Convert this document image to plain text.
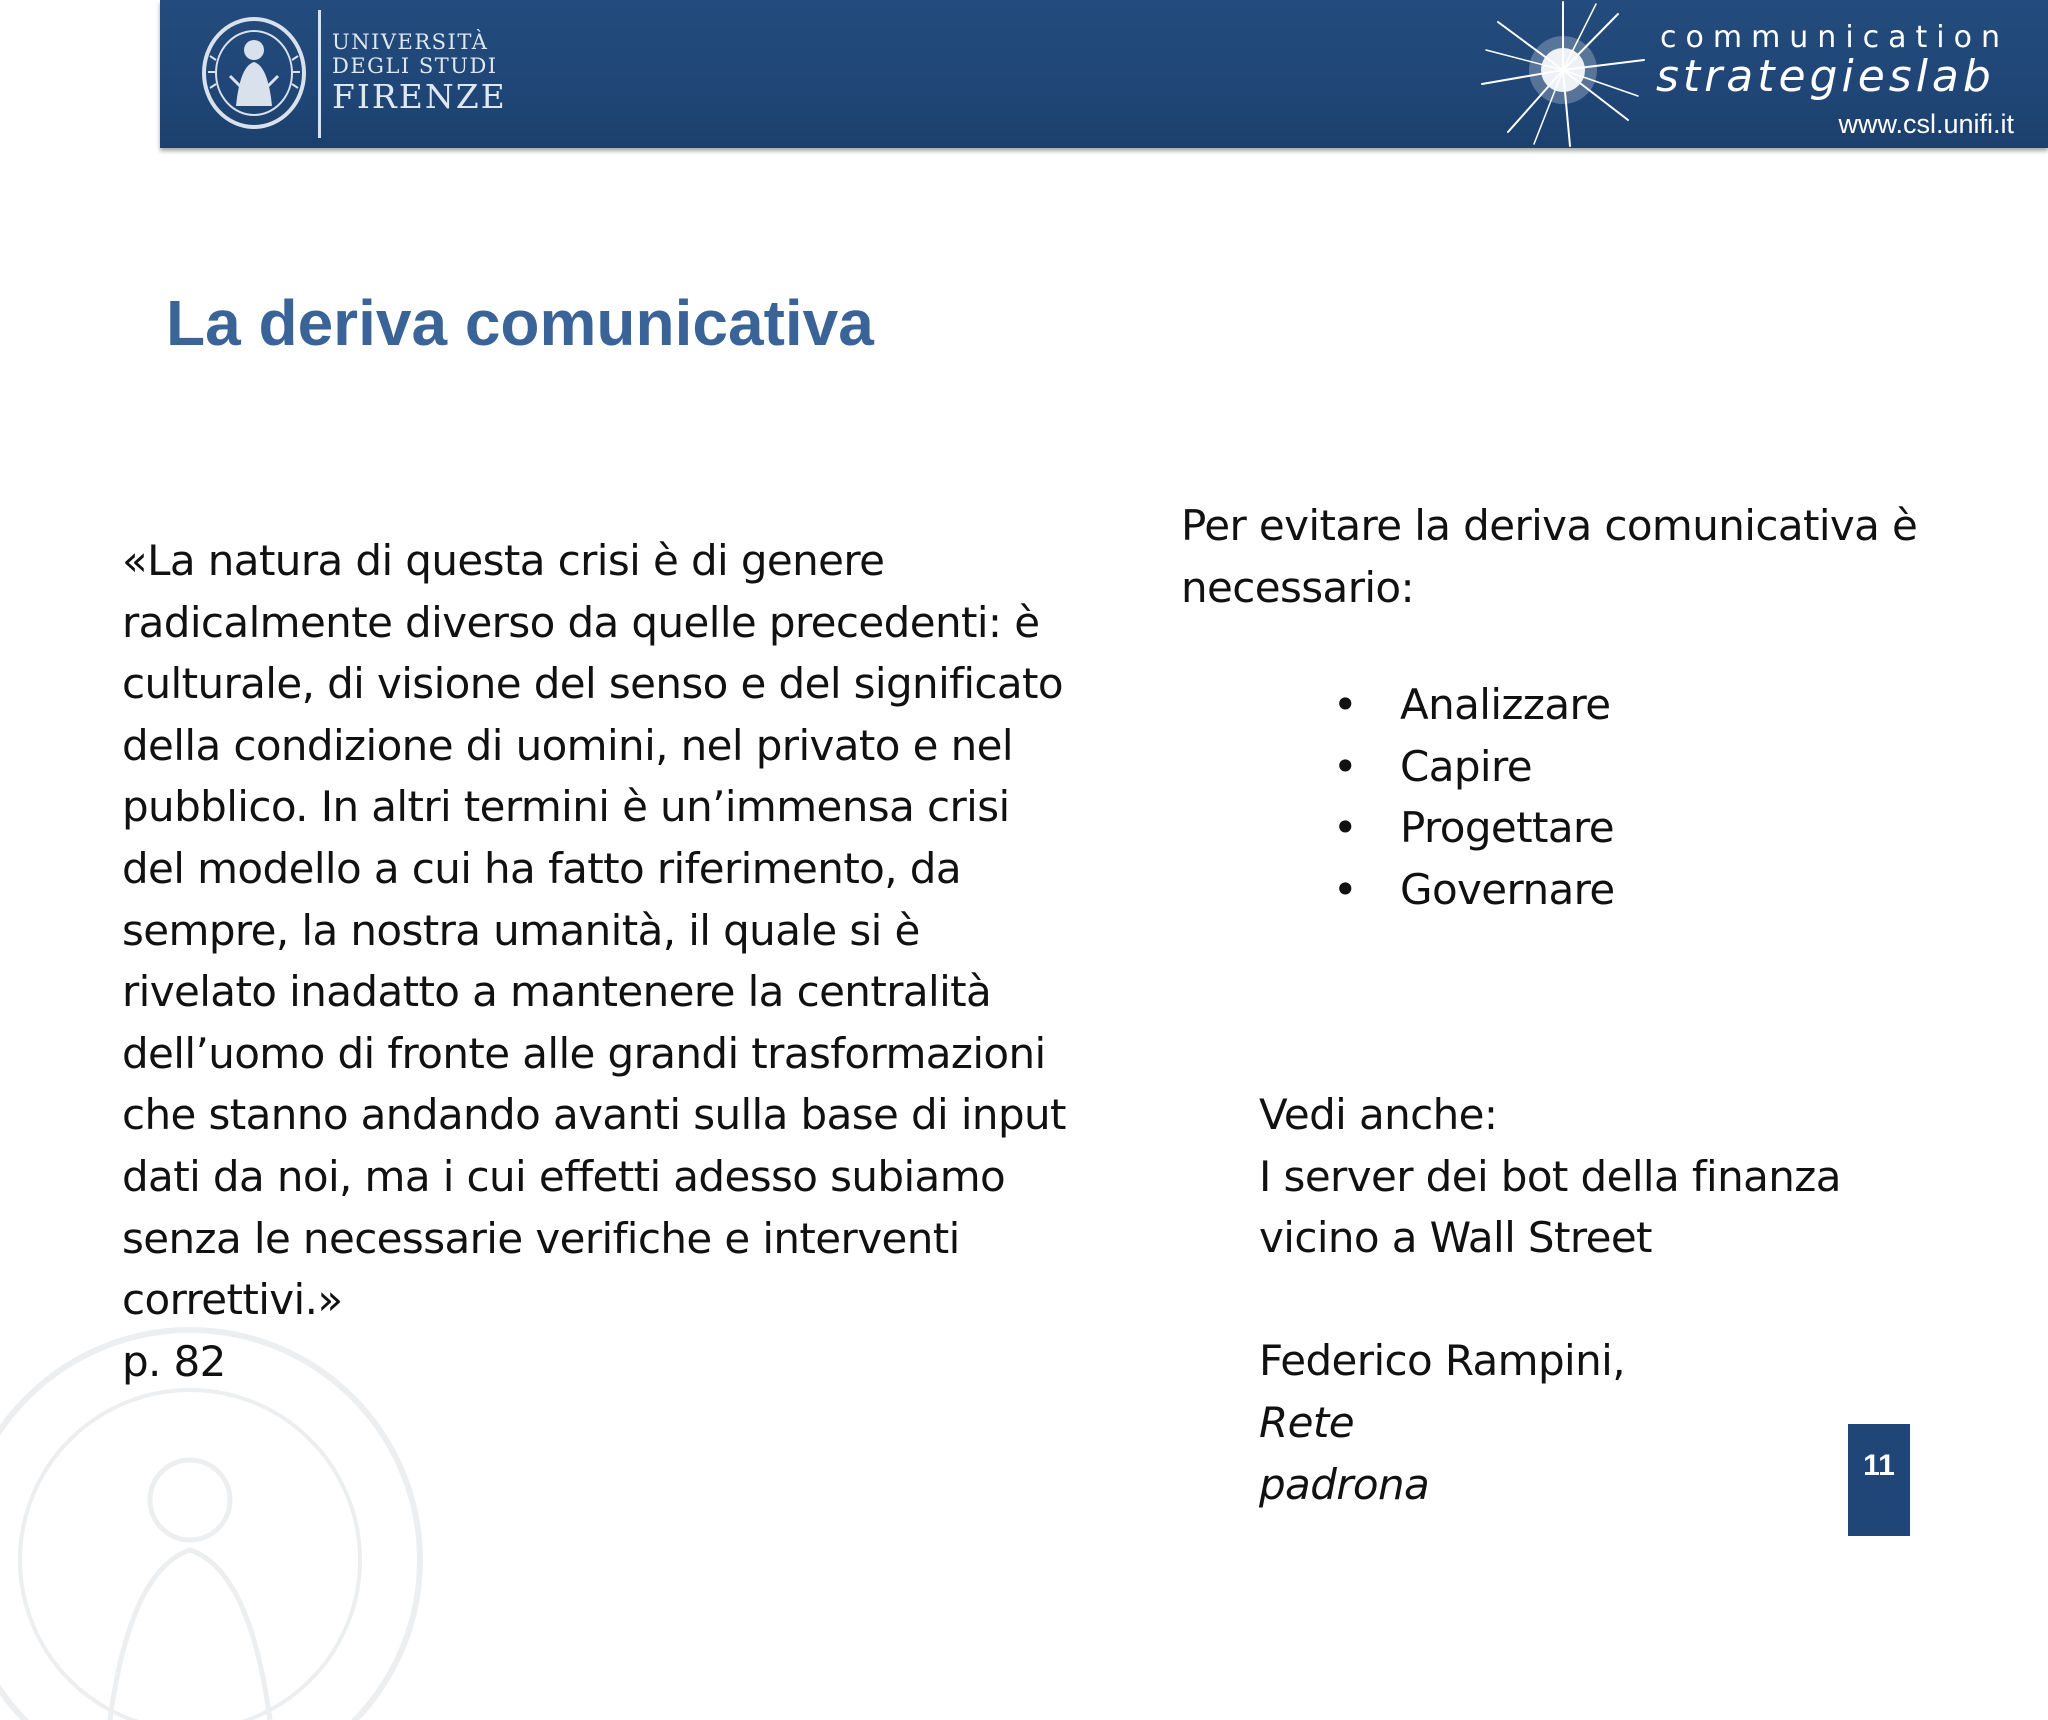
UNIVERSITÀ
DEGLI STUDI
FIRENZE
communication
strategieslab
www.csl.unifi.it
La deriva comunicativa
«La natura di questa crisi è di genere
radicalmente diverso da quelle precedenti: è
culturale, di visione del senso e del significato
della condizione di uomini, nel privato e nel
pubblico. In altri termini è un’immensa crisi
del modello a cui ha fatto riferimento, da
sempre, la nostra umanità, il quale si è
rivelato inadatto a mantenere la centralità
dell’uomo di fronte alle grandi trasformazioni
che stanno andando avanti sulla base di input
dati da noi, ma i cui effetti adesso subiamo
senza le necessarie verifiche e interventi
correttivi.»
p. 82
Per evitare la deriva comunicativa è
necessario:
• Analizzare
• Capire
• Progettare
• Governare
Vedi anche:
I server dei bot della finanza
vicino a Wall Street
Federico Rampini,
Rete
padrona	11
